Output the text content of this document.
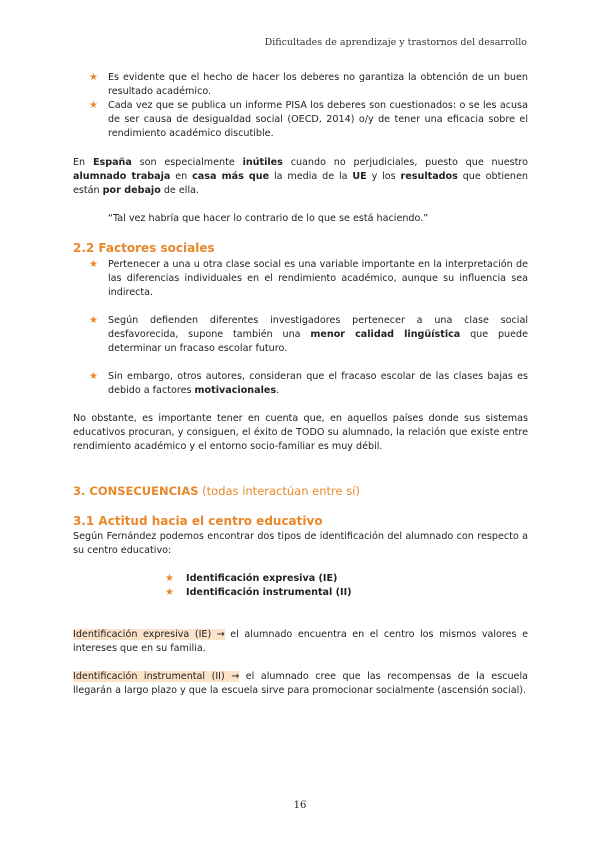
Dificultades de aprendizaje y trastornos del desarrollo
★ Es evidente que el hecho de hacer los deberes no garantiza la obtención de un buen resultado académico.
★ Cada vez que se publica un informe PISA los deberes son cuestionados: o se les acusa de ser causa de desigualdad social (OECD, 2014) o/y de tener una eficacia sobre el rendimiento académico discutible.
En España son especialmente inútiles cuando no perjudiciales, puesto que nuestro alumnado trabaja en casa más que la media de la UE y los resultados que obtienen están por debajo de ella.
“Tal vez habría que hacer lo contrario de lo que se está haciendo.”
2.2 Factores sociales
★ Pertenecer a una u otra clase social es una variable importante en la interpretación de las diferencias individuales en el rendimiento académico, aunque su influencia sea indirecta.
★ Según defienden diferentes investigadores pertenecer a una clase social desfavorecida, supone también una menor calidad lingüística que puede determinar un fracaso escolar futuro.
★ Sin embargo, otros autores, consideran que el fracaso escolar de las clases bajas es debido a factores motivacionales.
No obstante, es importante tener en cuenta que, en aquellos países donde sus sistemas educativos procuran, y consiguen, el éxito de TODO su alumnado, la relación que existe entre rendimiento académico y el entorno socio-familiar es muy débil.
3. CONSECUENCIAS (todas interactúan entre sí)
3.1 Actitud hacia el centro educativo
Según Fernández podemos encontrar dos tipos de identificación del alumnado con respecto a su centro educativo:
★ Identificación expresiva (IE)
★ Identificación instrumental (II)
Identificación expresiva (IE) → el alumnado encuentra en el centro los mismos valores e intereses que en su familia.
Identificación instrumental (II) → el alumnado cree que las recompensas de la escuela llegarán a largo plazo y que la escuela sirve para promocionar socialmente (ascensión social).
16
